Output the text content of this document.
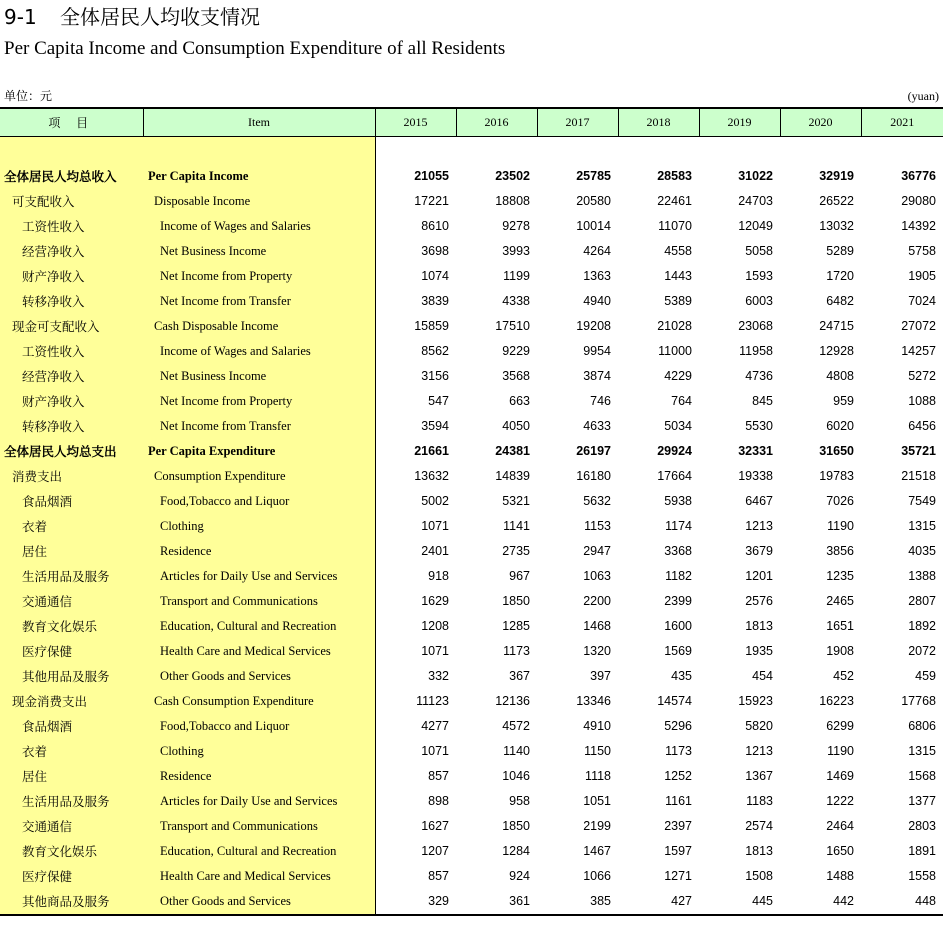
9-1 全体居民人均收支情况
Per Capita Income and Consumption Expenditure of all Residents
单位：元	(yuan)
项 目	Item	2015	2016	2017	2018	2019	2020	2021

全体居民人均总收入	Per Capita Income	21055	23502	25785	28583	31022	32919	36776
可支配收入	Disposable Income	17221	18808	20580	22461	24703	26522	29080
工资性收入	Income of Wages and Salaries	8610	9278	10014	11070	12049	13032	14392
经营净收入	Net Business Income	3698	3993	4264	4558	5058	5289	5758
财产净收入	Net Income from Property	1074	1199	1363	1443	1593	1720	1905
转移净收入	Net Income from Transfer	3839	4338	4940	5389	6003	6482	7024
现金可支配收入	Cash Disposable Income	15859	17510	19208	21028	23068	24715	27072
工资性收入	Income of Wages and Salaries	8562	9229	9954	11000	11958	12928	14257
经营净收入	Net Business Income	3156	3568	3874	4229	4736	4808	5272
财产净收入	Net Income from Property	547	663	746	764	845	959	1088
转移净收入	Net Income from Transfer	3594	4050	4633	5034	5530	6020	6456
全体居民人均总支出	Per Capita Expenditure	21661	24381	26197	29924	32331	31650	35721
消费支出	Consumption Expenditure	13632	14839	16180	17664	19338	19783	21518
食品烟酒	Food,Tobacco and Liquor	5002	5321	5632	5938	6467	7026	7549
衣着	Clothing	1071	1141	1153	1174	1213	1190	1315
居住	Residence	2401	2735	2947	3368	3679	3856	4035
生活用品及服务	Articles for Daily Use and Services	918	967	1063	1182	1201	1235	1388
交通通信	Transport and Communications	1629	1850	2200	2399	2576	2465	2807
教育文化娱乐	Education, Cultural and Recreation	1208	1285	1468	1600	1813	1651	1892
医疗保健	Health Care and Medical Services	1071	1173	1320	1569	1935	1908	2072
其他用品及服务	Other Goods and Services	332	367	397	435	454	452	459
现金消费支出	Cash Consumption Expenditure	11123	12136	13346	14574	15923	16223	17768
食品烟酒	Food,Tobacco and Liquor	4277	4572	4910	5296	5820	6299	6806
衣着	Clothing	1071	1140	1150	1173	1213	1190	1315
居住	Residence	857	1046	1118	1252	1367	1469	1568
生活用品及服务	Articles for Daily Use and Services	898	958	1051	1161	1183	1222	1377
交通通信	Transport and Communications	1627	1850	2199	2397	2574	2464	2803
教育文化娱乐	Education, Cultural and Recreation	1207	1284	1467	1597	1813	1650	1891
医疗保健	Health Care and Medical Services	857	924	1066	1271	1508	1488	1558
其他商品及服务	Other Goods and Services	329	361	385	427	445	442	448
